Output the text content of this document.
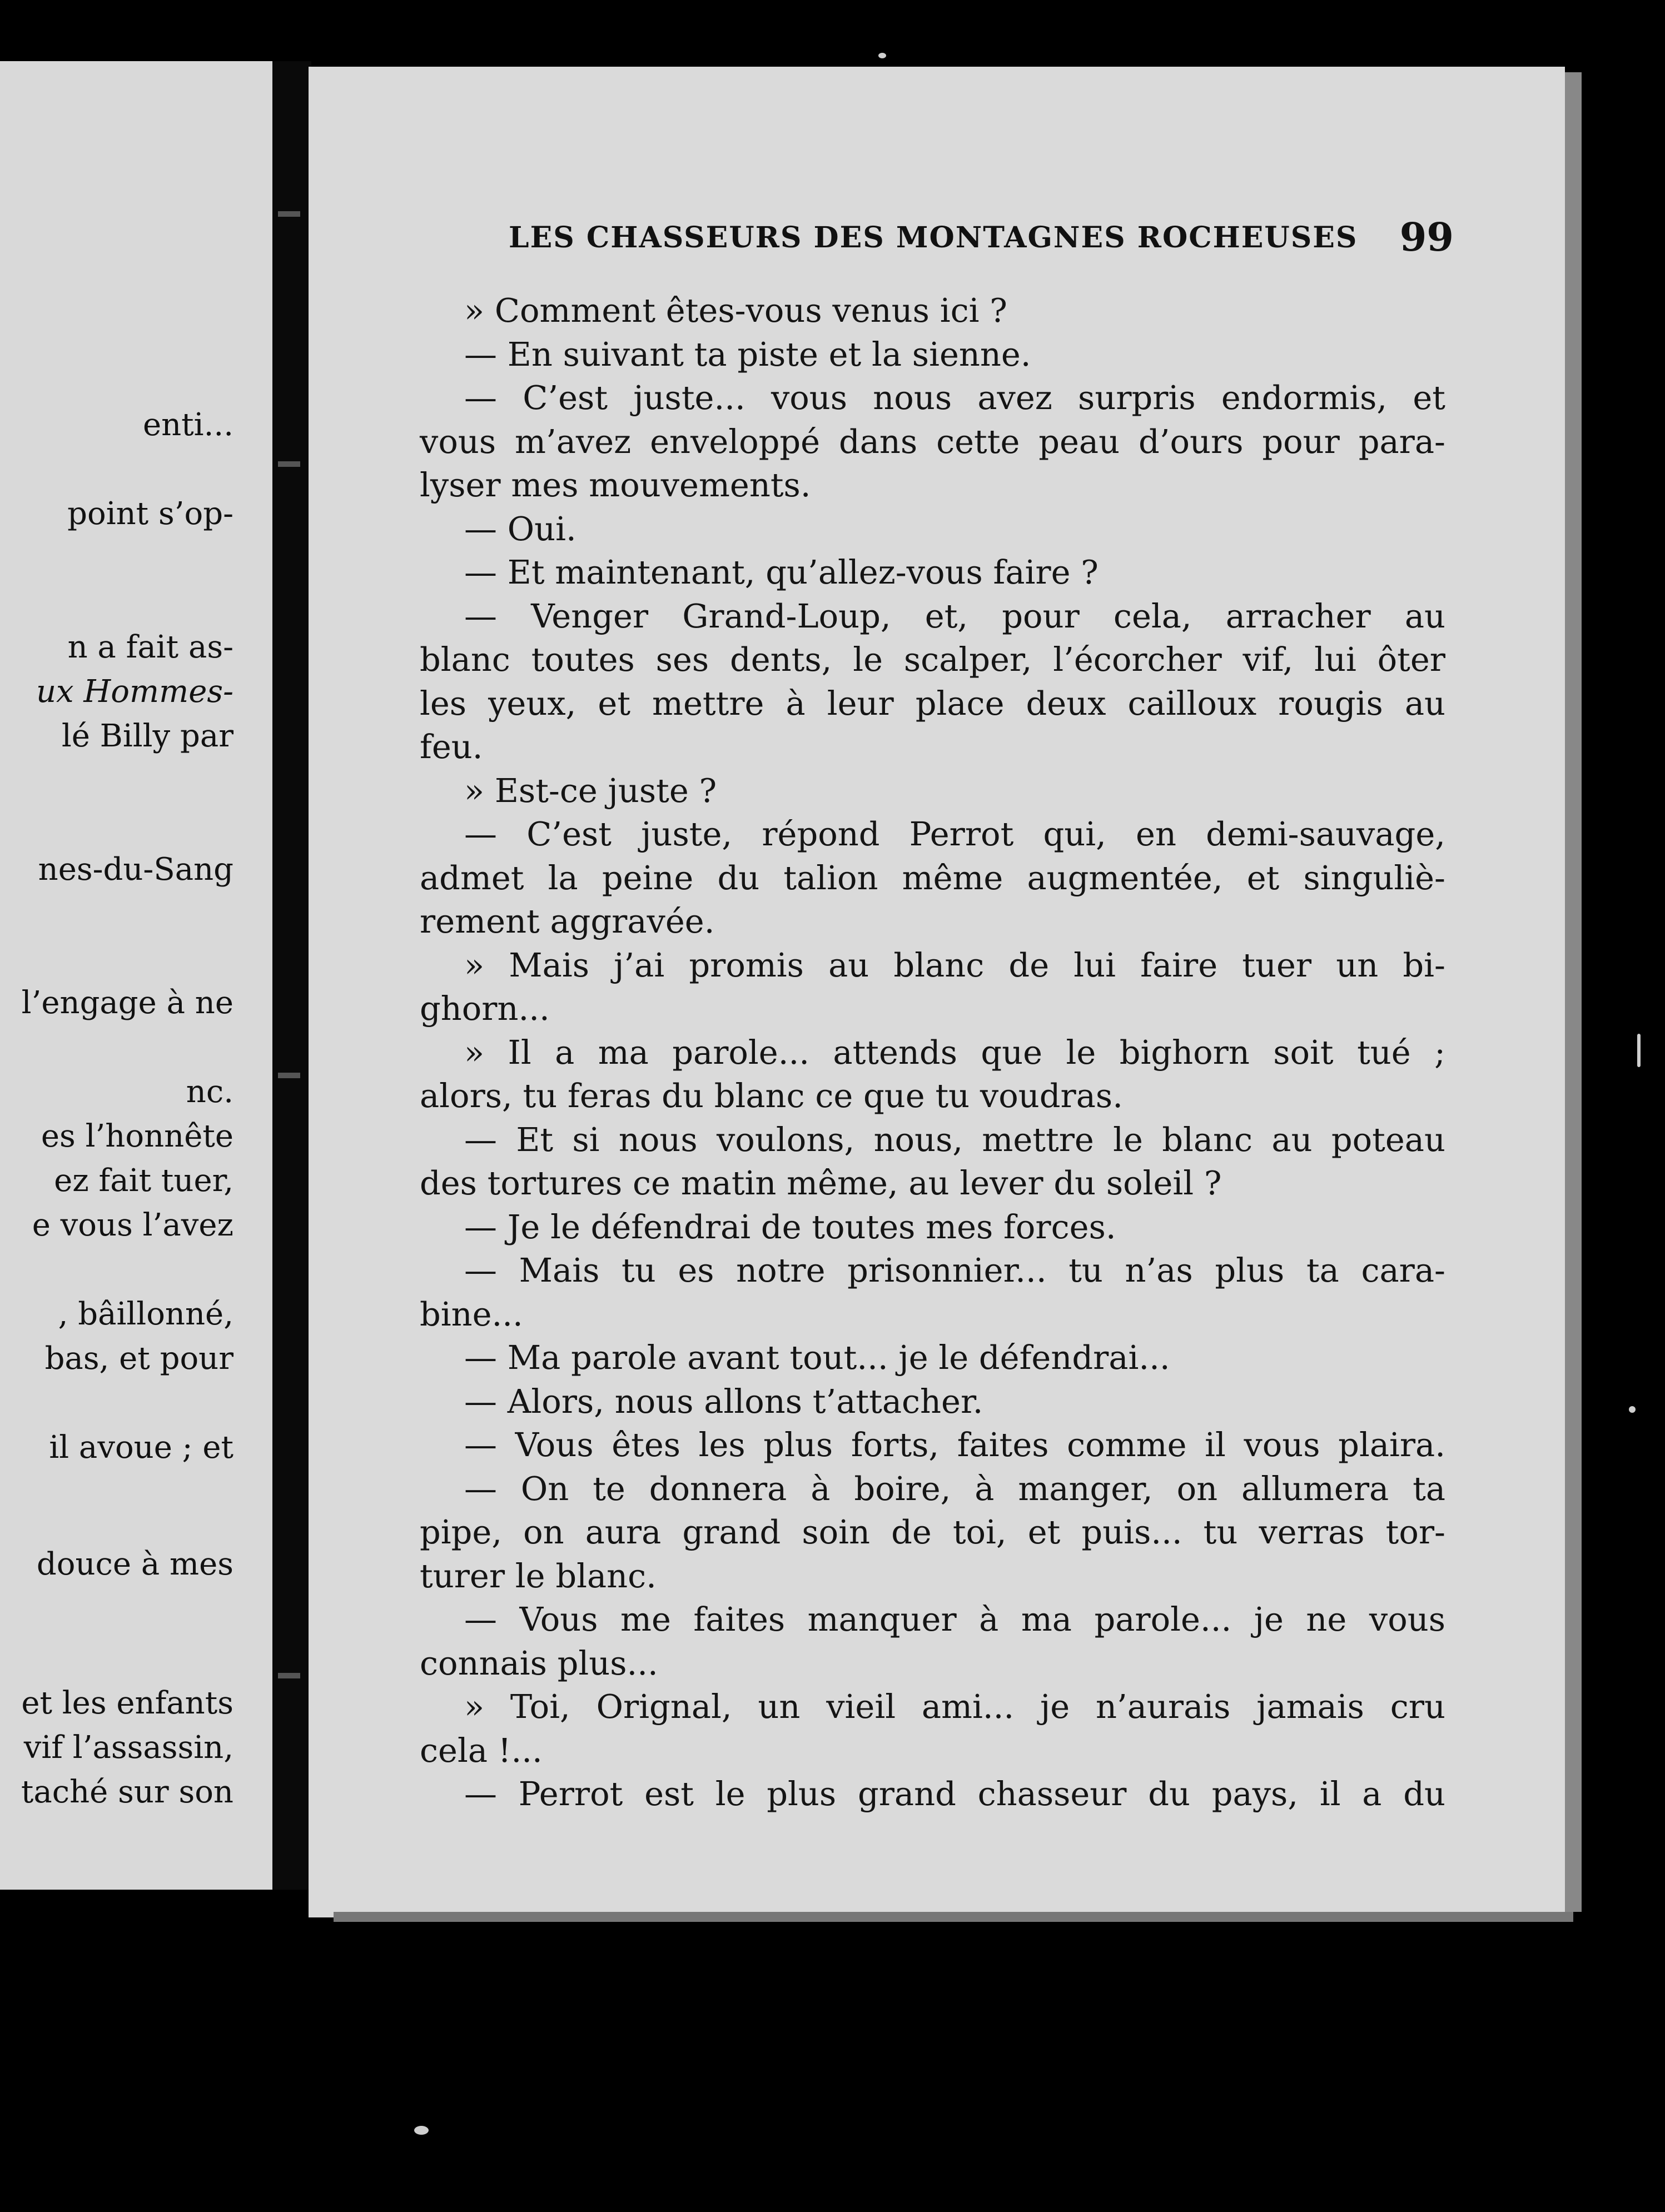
enti...
point s’op-
n a fait as-
ux Hommes-
lé Billy par
nes-du-Sang
l’engage à ne
nc.
es l’honnête
ez fait tuer,
e vous l’avez
, bâillonné,
bas, et pour
il avoue ; et
douce à mes
et les enfants
vif l’assassin,
taché sur son
LES CHASSEURS DES MONTAGNES ROCHEUSES 99
» Comment êtes-vous venus ici ?
— En suivant ta piste et la sienne.
— C’est juste... vous nous avez surpris endormis, et
vous m’avez enveloppé dans cette peau d’ours pour para-
lyser mes mouvements.
— Oui.
— Et maintenant, qu’allez-vous faire ?
— Venger Grand-Loup, et, pour cela, arracher au
blanc toutes ses dents, le scalper, l’écorcher vif, lui ôter
les yeux, et mettre à leur place deux cailloux rougis au
feu.
» Est-ce juste ?
— C’est juste, répond Perrot qui, en demi-sauvage,
admet la peine du talion même augmentée, et singuliè-
rement aggravée.
» Mais j’ai promis au blanc de lui faire tuer un bi-
ghorn...
» Il a ma parole... attends que le bighorn soit tué ;
alors, tu feras du blanc ce que tu voudras.
— Et si nous voulons, nous, mettre le blanc au poteau
des tortures ce matin même, au lever du soleil ?
— Je le défendrai de toutes mes forces.
— Mais tu es notre prisonnier... tu n’as plus ta cara-
bine...
— Ma parole avant tout... je le défendrai...
— Alors, nous allons t’attacher.
— Vous êtes les plus forts, faites comme il vous plaira.
— On te donnera à boire, à manger, on allumera ta
pipe, on aura grand soin de toi, et puis... tu verras tor-
turer le blanc.
— Vous me faites manquer à ma parole... je ne vous
connais plus...
» Toi, Orignal, un vieil ami... je n’aurais jamais cru
cela !...
— Perrot est le plus grand chasseur du pays, il a du
